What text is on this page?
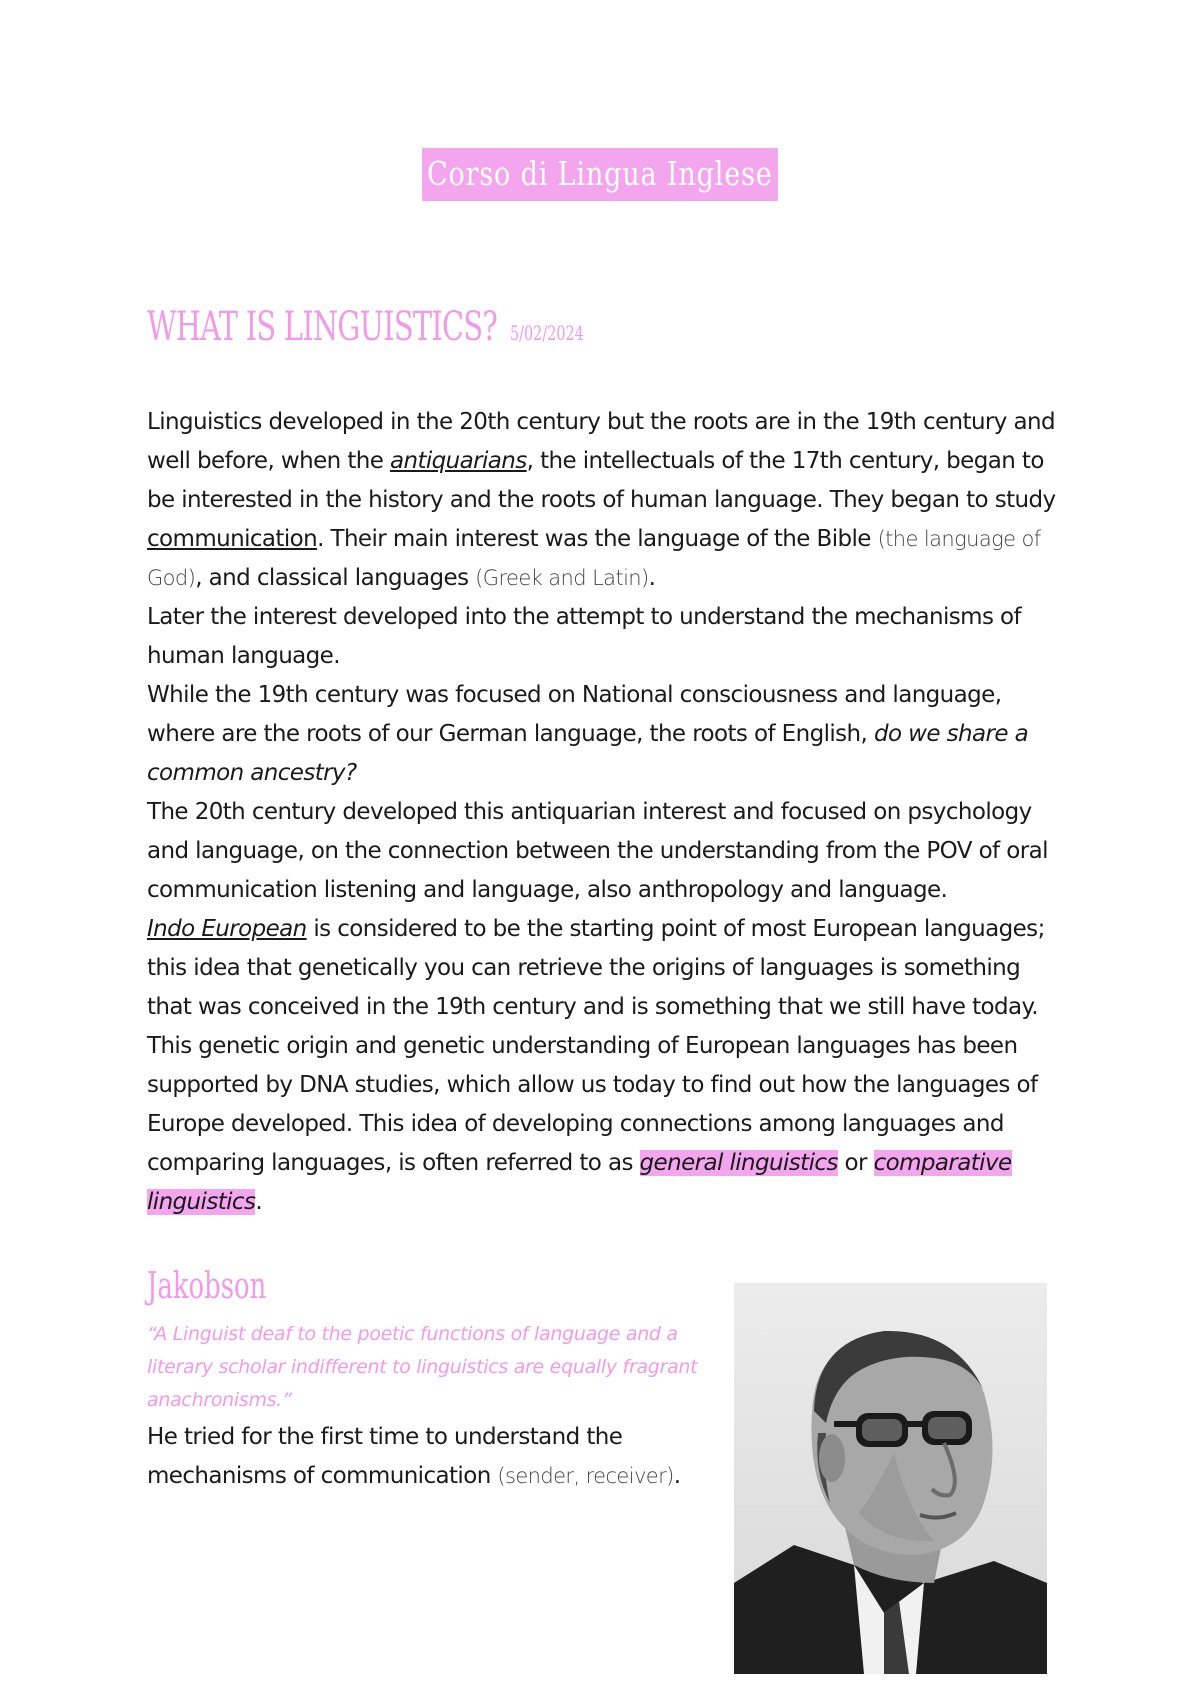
Corso di Lingua Inglese
WHAT IS LINGUISTICS? 5/02/2024

Linguistics developed in the 20th century but the roots are in the 19th century and well before, when the antiquarians, the intellectuals of the 17th century, began to be interested in the history and the roots of human language. They began to study communication. Their main interest was the language of the Bible (the language of God), and classical languages (Greek and Latin).

Later the interest developed into the attempt to understand the mechanisms of human language.

While the 19th century was focused on National consciousness and language, where are the roots of our German language, the roots of English, do we share a common ancestry?

The 20th century developed this antiquarian interest and focused on psychology and language, on the connection between the understanding from the POV of oral communication listening and language, also anthropology and language.

Indo European is considered to be the starting point of most European languages; this idea that genetically you can retrieve the origins of languages is something that was conceived in the 19th century and is something that we still have today. This genetic origin and genetic understanding of European languages has been supported by DNA studies, which allow us today to find out how the languages of Europe developed. This idea of developing connections among languages and comparing languages, is often referred to as general linguistics or comparative linguistics.

Jakobson
“A Linguist deaf to the poetic functions of language and a literary scholar indifferent to linguistics are equally fragrant anachronisms.”
He tried for the first time to understand the mechanisms of communication (sender, receiver).
